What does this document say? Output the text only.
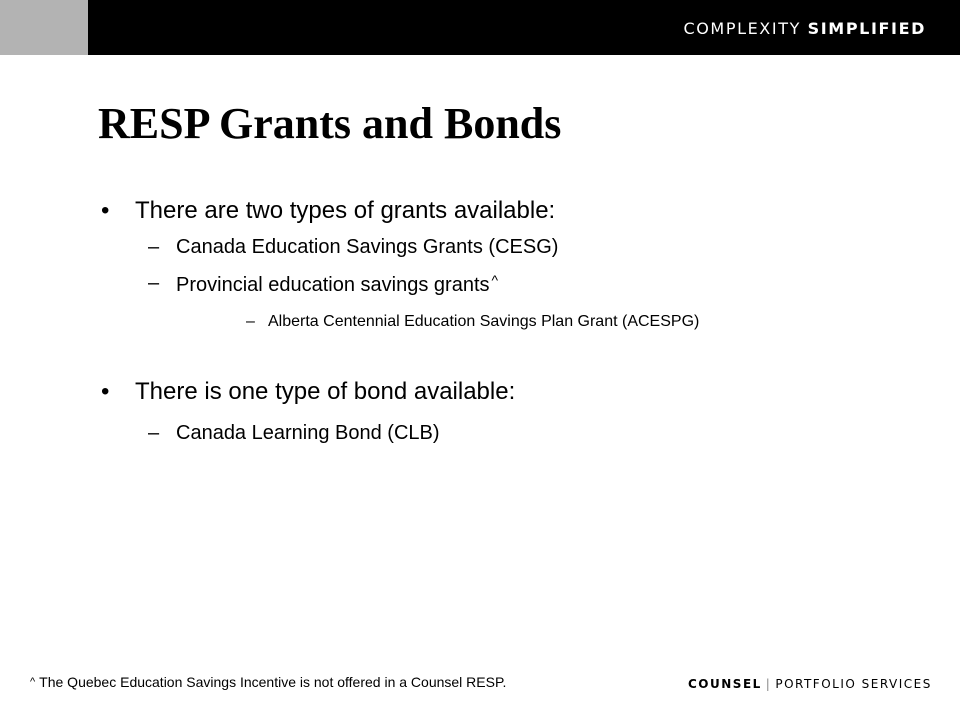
COMPLEXITY SIMPLIFIED
RESP Grants and Bonds
• There are two types of grants available:
– Canada Education Savings Grants (CESG)
– Provincial education savings grants ^
– Alberta Centennial Education Savings Plan Grant (ACESPG)
• There is one type of bond available:
– Canada Learning Bond (CLB)
^ The Quebec Education Savings Incentive is not offered in a Counsel RESP.	COUNSEL | PORTFOLIO SERVICES
